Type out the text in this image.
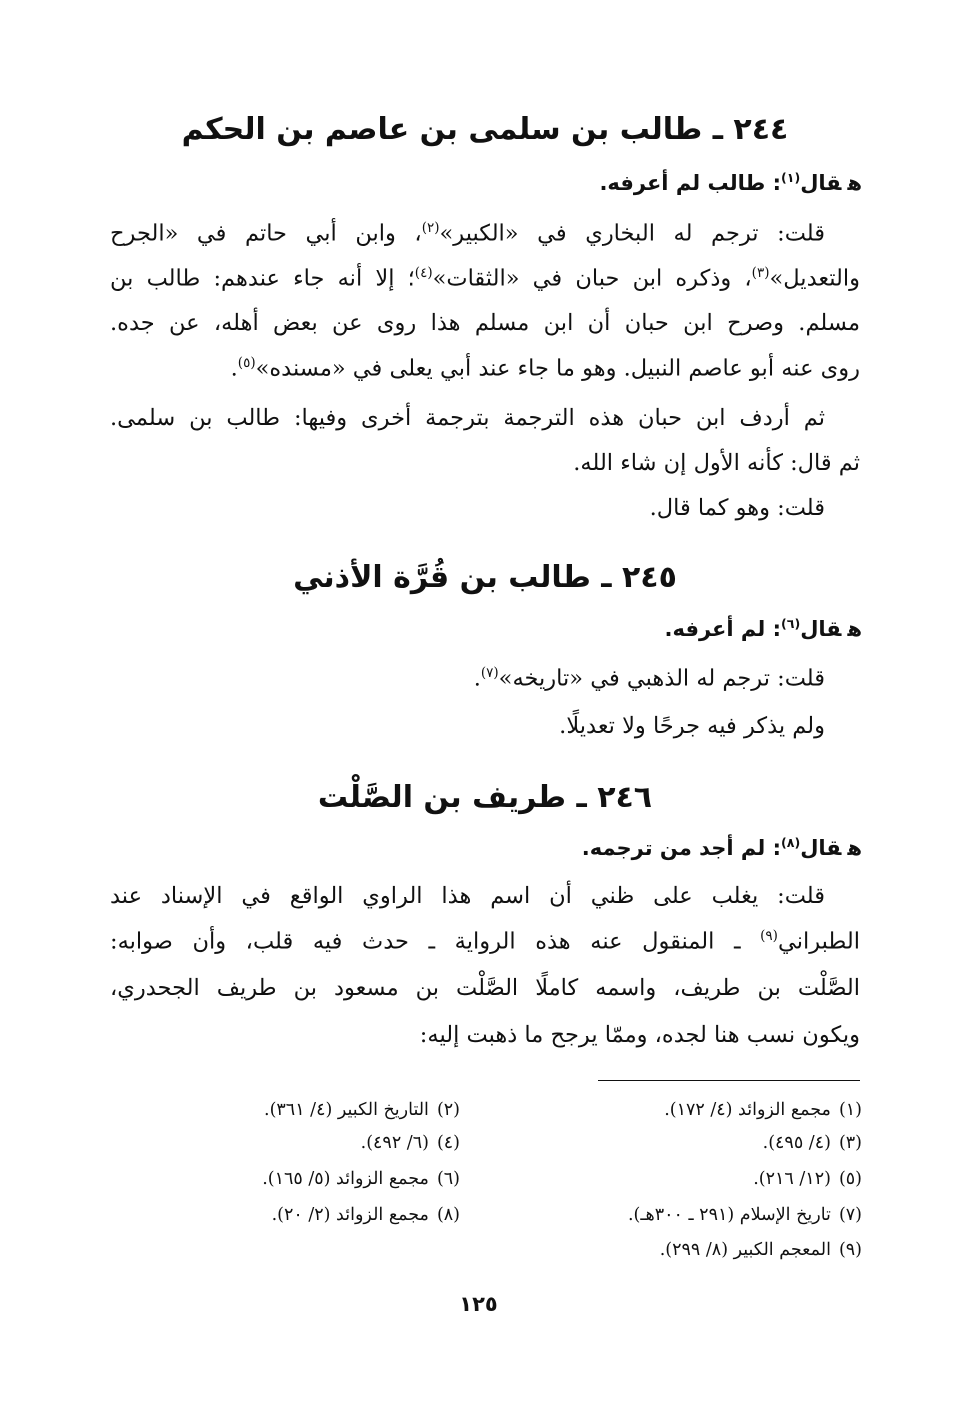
٢٤٤ ـ طالب بن سلمى بن عاصم بن الحكم
هقال$^{(١)}$: طالب لم أعرفه.
قلت: ترجم له البخاري في «الكبير»$^{(٢)}$، وابن أبي حاتم في «الجرح
والتعديل»$^{(٣)}$، وذكره ابن حبان في «الثقات»$^{(٤)}$؛ إلا أنه جاء عندهم: طالب بن
مسلم. وصرح ابن حبان أن ابن مسلم هذا روى عن بعض أهله، عن جده.
روى عنه أبو عاصم النبيل. وهو ما جاء عند أبي يعلى في «مسنده»$^{(٥)}$.
ثم أردف ابن حبان هذه الترجمة بترجمة أخرى وفيها: طالب بن سلمى.
ثم قال: كأنه الأول إن شاء الله.
قلت: وهو كما قال.
٢٤٥ ـ طالب بن قُرَّة الأذني
هقال$^{(٦)}$: لم أعرفه.
قلت: ترجم له الذهبي في «تاريخه»$^{(٧)}$.
ولم يذكر فيه جرحًا ولا تعديلًا.
٢٤٦ ـ طريف بن الصَّلْت
هقال$^{(٨)}$: لم أجد من ترجمه.
قلت: يغلب على ظني أن اسم هذا الراوي الواقع في الإسناد عند
الطبراني$^{(٩)}$ ـ المنقول عنه هذه الرواية ـ حدث فيه قلب، وأن صوابه:
الصَّلْت بن طريف، واسمه كاملًا الصَّلْت بن مسعود بن طريف الجحدري،
ويكون نسب هنا لجده، وممّا يرجح ما ذهبت إليه:
(١)مجمع الزوائد (٤/ ١٧٢).
(٢)التاريخ الكبير (٤/ ٣٦١).
(٣)(٤/ ٤٩٥).
(٤)(٦/ ٤٩٢).
(٥)(١٢/ ٢١٦).
(٦)مجمع الزوائد (٥/ ١٦٥).
(٧)تاريخ الإسلام (٢٩١ ـ ٣٠٠هـ).
(٨)مجمع الزوائد (٢/ ٢٠).
(٩)المعجم الكبير (٨/ ٢٩٩).
١٢٥
